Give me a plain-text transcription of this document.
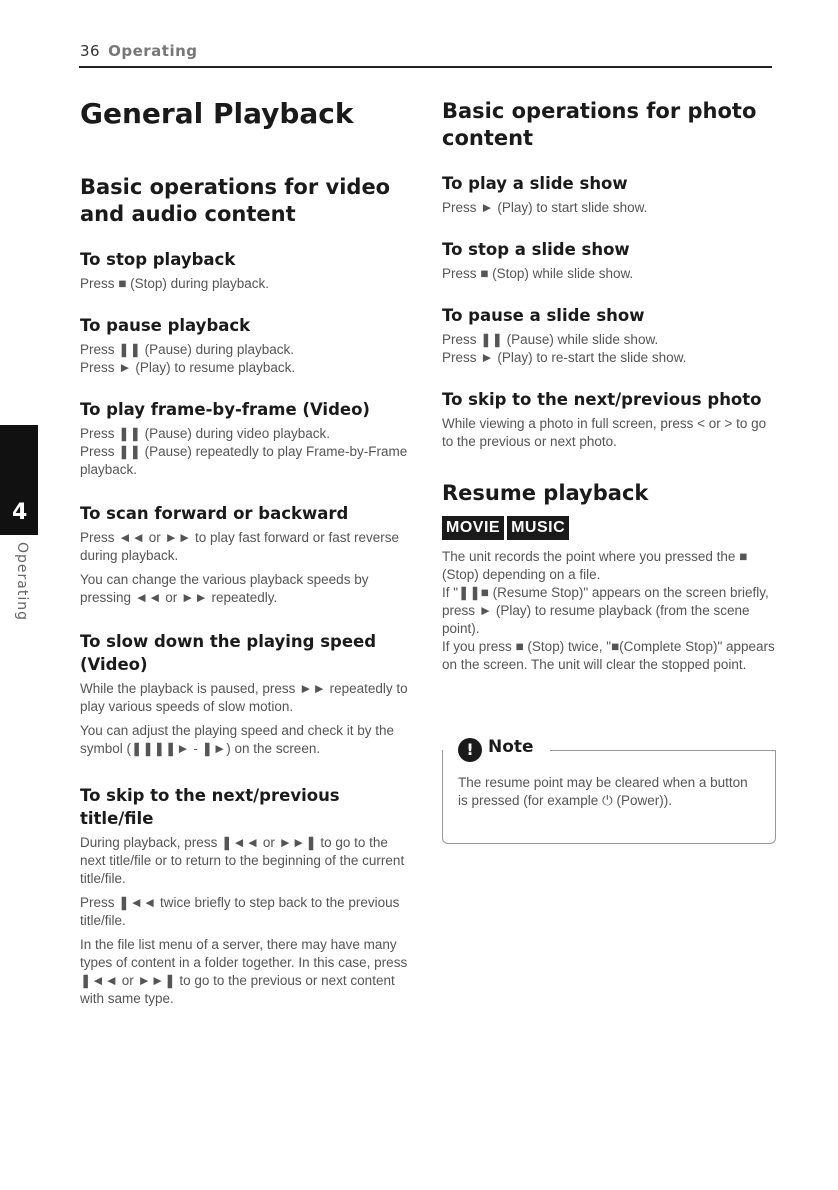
36 Operating
4
Operating
General Playback
Basic operations for video and audio content
To stop playback

Press ■ (Stop) during playback.

To pause playback

Press ❚❚ (Pause) during playback.

Press ► (Play) to resume playback.

To play frame-by-frame (Video)

Press ❚❚ (Pause) during video playback.

Press ❚❚ (Pause) repeatedly to play Frame-by-Frame playback.

To scan forward or backward

Press ◄◄ or ►► to play fast forward or fast reverse during playback.

You can change the various playback speeds by pressing ◄◄ or ►► repeatedly.

To slow down the playing speed (Video)

While the playback is paused, press ►► repeatedly to play various speeds of slow motion.

You can adjust the playing speed and check it by the symbol (❚❚❚❚► - ❚►) on the screen.

To skip to the next/previous title/file

During playback, press ❚◄◄ or ►►❚ to go to the next title/file or to return to the beginning of the current title/file.

Press ❚◄◄ twice briefly to step back to the previous title/file.

In the file list menu of a server, there may have many types of content in a folder together. In this case, press ❚◄◄ or ►►❚ to go to the previous or next content with same type.

Basic operations for photo content
To play a slide show

Press ► (Play) to start slide show.

To stop a slide show

Press ■ (Stop) while slide show.

To pause a slide show

Press ❚❚ (Pause) while slide show.

Press ► (Play) to re-start the slide show.

To skip to the next/previous photo

While viewing a photo in full screen, press < or > to go to the previous or next photo.

Resume playback
MOVIE MUSIC

The unit records the point where you pressed the ■ (Stop) depending on a file.

If "❚❚■ (Resume Stop)" appears on the screen briefly, press ► (Play) to resume playback (from the scene point).

If you press ■ (Stop) twice, "■(Complete Stop)" appears on the screen. The unit will clear the stopped point.

! Note

The resume point may be cleared when a button is pressed (for example ⏻ (Power)).
